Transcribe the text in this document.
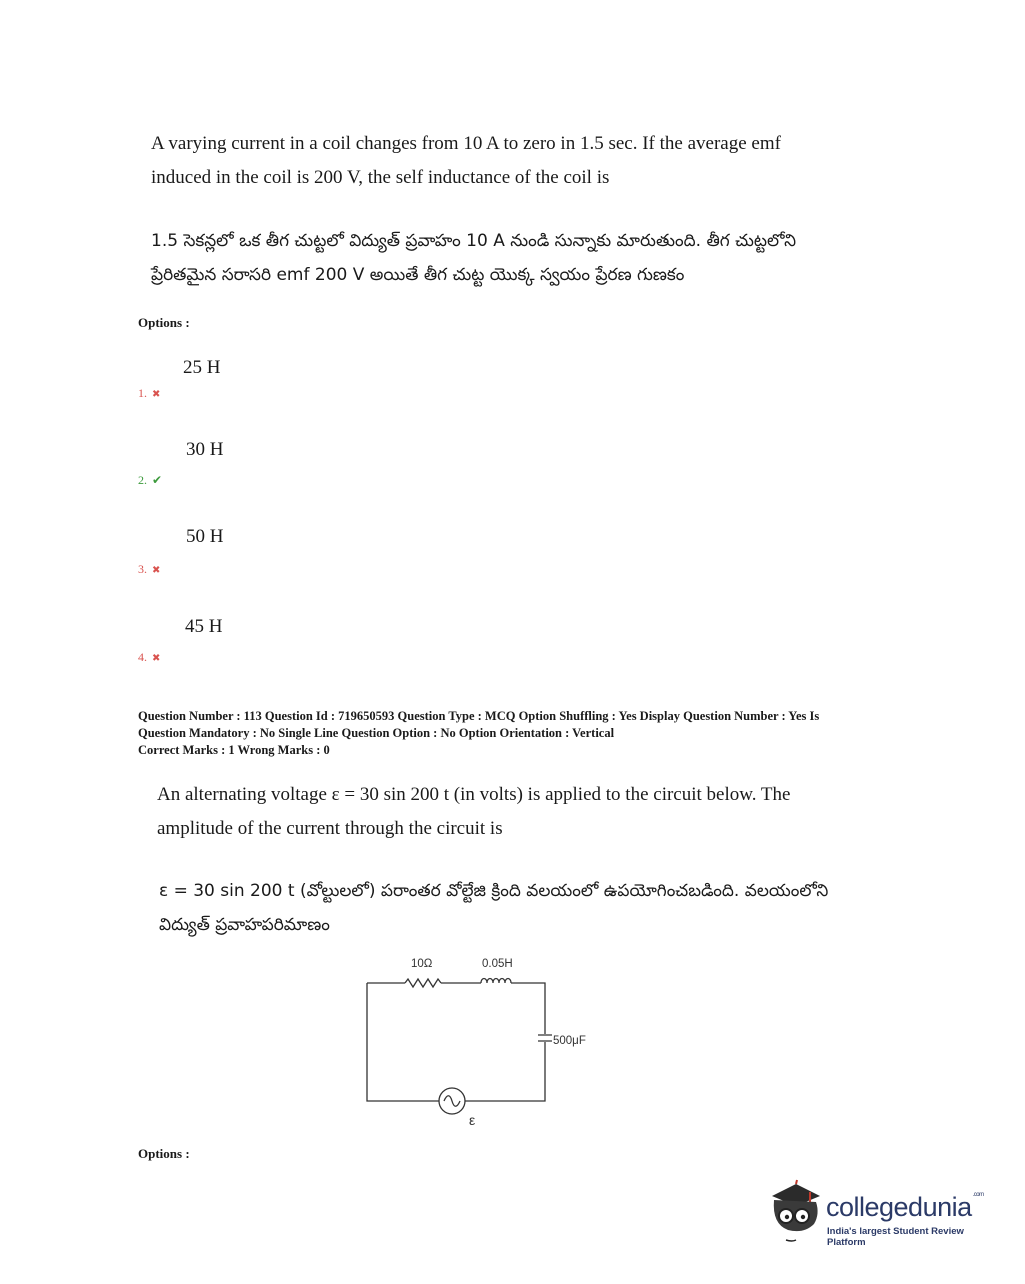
A varying current in a coil changes from 10 A to zero in 1.5 sec. If the average emf
induced in the coil is 200 V, the self inductance of the coil is
1.5 సెకన్లలో ఒక తీగ చుట్టలో విద్యుత్ ప్రవాహం 10 A నుండి సున్నాకు మారుతుంది. తీగ చుట్టలోని
ప్రేరితమైన సరాసరి emf 200 V అయితే తీగ చుట్ట యొక్క స్వయం ప్రేరణ గుణకం
Options :
25 H
1. ✖
30 H
2. ✔
50 H
3. ✖
45 H
4. ✖
Question Number : 113 Question Id : 719650593 Question Type : MCQ Option Shuffling : Yes Display Question Number : Yes Is
Question Mandatory : No Single Line Question Option : No Option Orientation : Vertical
Correct Marks : 1 Wrong Marks : 0
An alternating voltage ε = 30 sin 200 t (in volts) is applied to the circuit below. The
amplitude of the current through the circuit is
ε = 30 sin 200 t (వోల్టులలో) పరాంతర వోల్టేజి క్రింది వలయంలో ఉపయోగించబడింది. వలయంలోని
విద్యుత్ ప్రవాహపరిమాణం
10Ω	0.05H
500μF
ε
Options :
collegedunia$^{.com}$
India's largest Student Review Platform
